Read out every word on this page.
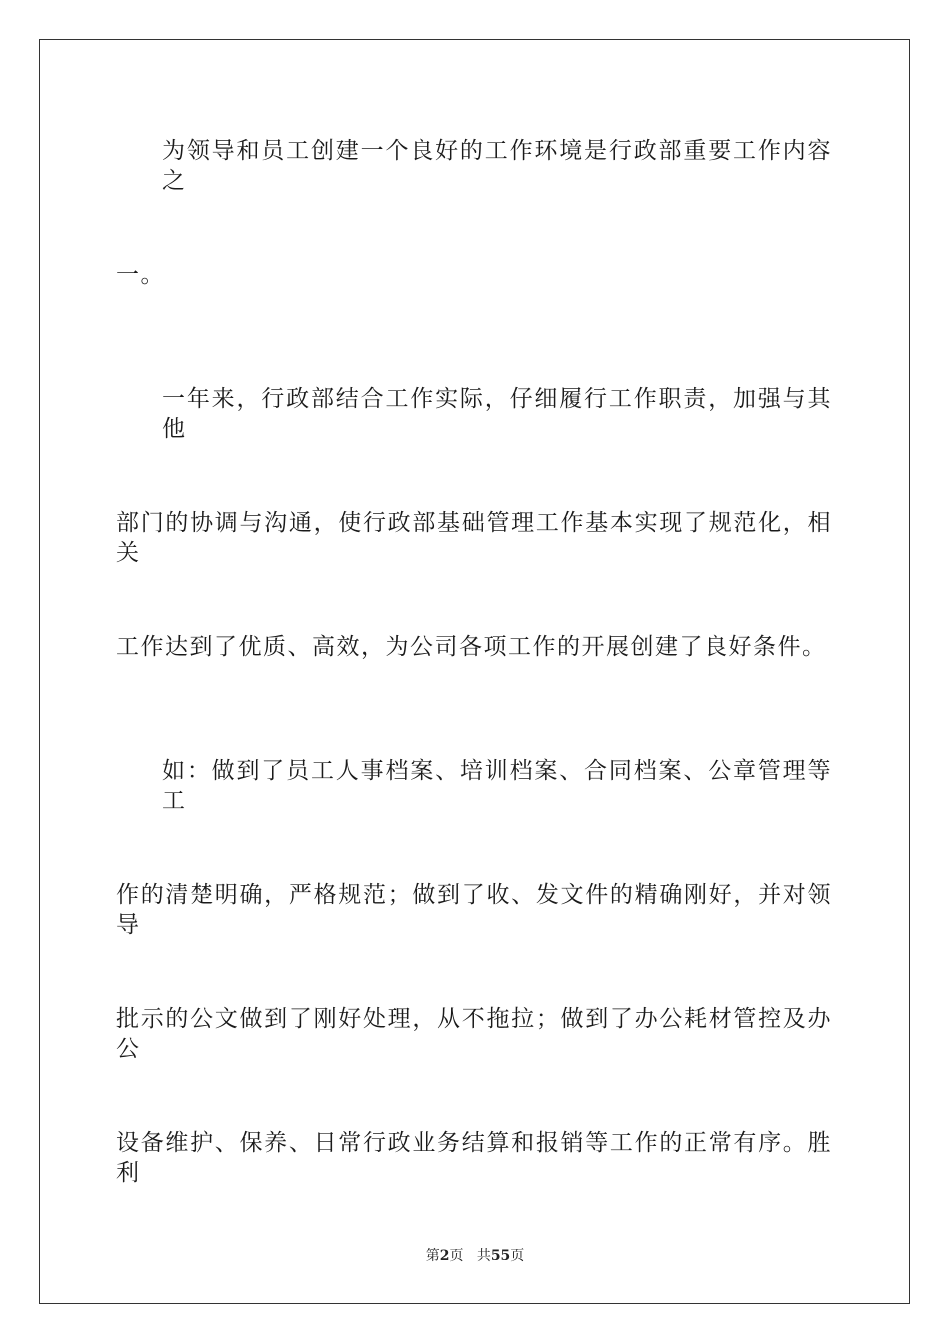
为领导和员工创建一个良好的工作环境是行政部重要工作内容之
一。
一年来，行政部结合工作实际，仔细履行工作职责，加强与其他
部门的协调与沟通，使行政部基础管理工作基本实现了规范化，相关
工作达到了优质、高效，为公司各项工作的开展创建了良好条件。
如：做到了员工人事档案、培训档案、合同档案、公章管理等工
作的清楚明确，严格规范；做到了收、发文件的精确刚好，并对领导
批示的公文做到了刚好处理，从不拖拉；做到了办公耗材管控及办公
设备维护、保养、日常行政业务结算和报销等工作的正常有序。胜利
第2页 共55页
